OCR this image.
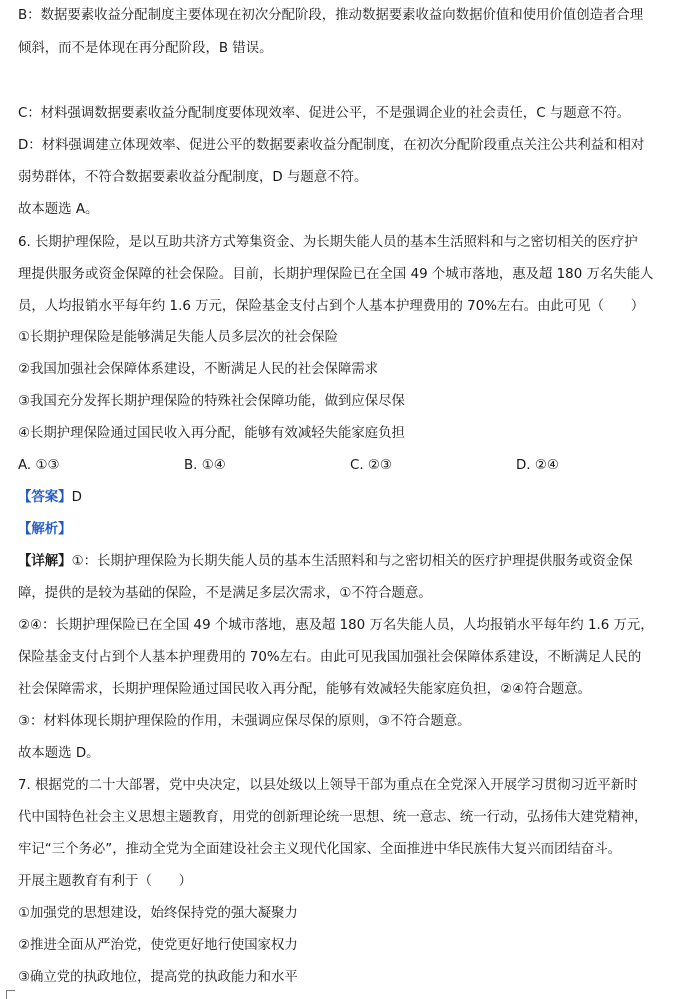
B：数据要素收益分配制度主要体现在初次分配阶段，推动数据要素收益向数据价值和使用价值创造者合理
倾斜，而不是体现在再分配阶段，B 错误。
C：材料强调数据要素收益分配制度要体现效率、促进公平，不是强调企业的社会责任，C 与题意不符。
D：材料强调建立体现效率、促进公平的数据要素收益分配制度，在初次分配阶段重点关注公共利益和相对
弱势群体，不符合数据要素收益分配制度，D 与题意不符。
故本题选 A。
6. 长期护理保险，是以互助共济方式筹集资金、为长期失能人员的基本生活照料和与之密切相关的医疗护
理提供服务或资金保障的社会保险。目前，长期护理保险已在全国 49 个城市落地，惠及超 180 万名失能人
员，人均报销水平每年约 1.6 万元，保险基金支付占到个人基本护理费用的 70%左右。由此可见（　　）
①长期护理保险是能够满足失能人员多层次的社会保险
②我国加强社会保障体系建设，不断满足人民的社会保障需求
③我国充分发挥长期护理保险的特殊社会保障功能，做到应保尽保
④长期护理保险通过国民收入再分配，能够有效减轻失能家庭负担
A. ①③	B. ①④	C. ②③	D. ②④
【答案】D
【解析】
【详解】①：长期护理保险为长期失能人员的基本生活照料和与之密切相关的医疗护理提供服务或资金保
障，提供的是较为基础的保险，不是满足多层次需求，①不符合题意。
②④：长期护理保险已在全国 49 个城市落地，惠及超 180 万名失能人员，人均报销水平每年约 1.6 万元，
保险基金支付占到个人基本护理费用的 70%左右。由此可见我国加强社会保障体系建设，不断满足人民的
社会保障需求，长期护理保险通过国民收入再分配，能够有效减轻失能家庭负担，②④符合题意。
③：材料体现长期护理保险的作用，未强调应保尽保的原则，③不符合题意。
故本题选 D。
7. 根据党的二十大部署，党中央决定，以县处级以上领导干部为重点在全党深入开展学习贯彻习近平新时
代中国特色社会主义思想主题教育，用党的创新理论统一思想、统一意志、统一行动，弘扬伟大建党精神，
牢记“三个务必”，推动全党为全面建设社会主义现代化国家、全面推进中华民族伟大复兴而团结奋斗。
开展主题教育有利于（　　）
①加强党的思想建设，始终保持党的强大凝聚力
②推进全面从严治党，使党更好地行使国家权力
③确立党的执政地位，提高党的执政能力和水平
